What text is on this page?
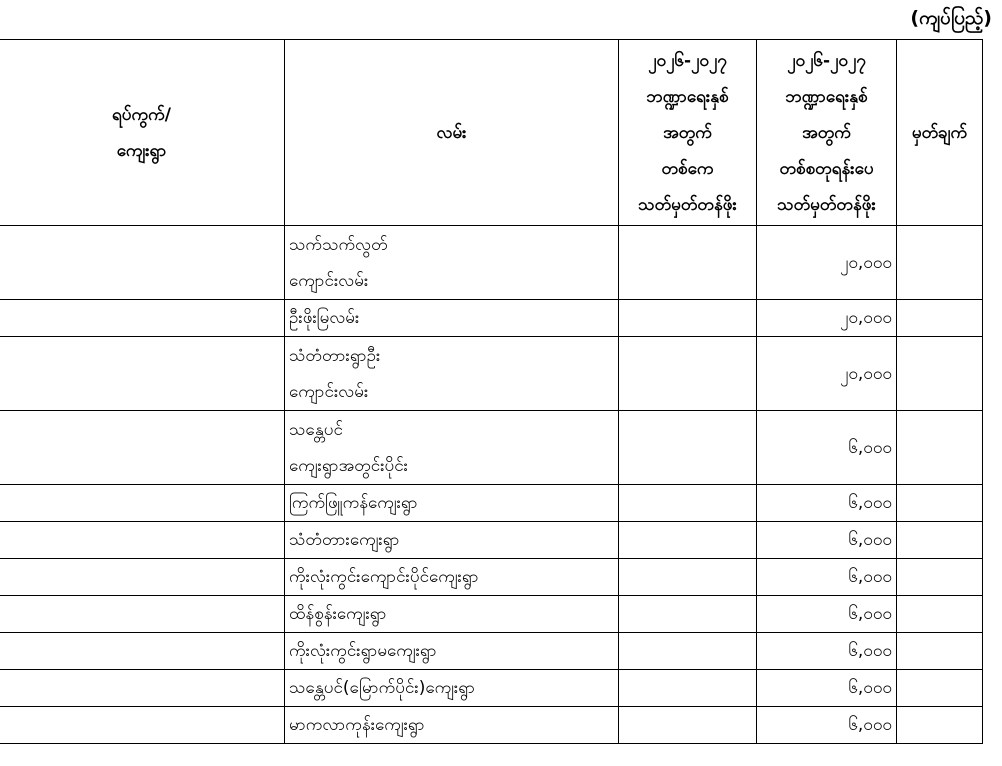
(ကျပ်ပြည့်)
ရပ်ကွက်/
ကျေးရွာ	လမ်း	၂၀၂၆-၂၀၂၇
ဘဏ္ဍာရေးနှစ်
အတွက်
တစ်ကေ
သတ်မှတ်တန်ဖိုး	၂၀၂၆-၂၀၂၇
ဘဏ္ဍာရေးနှစ်
အတွက်
တစ်စတုရန်းပေ
သတ်မှတ်တန်ဖိုး	မှတ်ချက်
	သက်သက်လွတ်
ကျောင်းလမ်း		၂၀,၀၀၀	
	ဦးဖိုးမြလမ်း		၂၀,၀၀၀	
	သံတံတားရွာဦး
ကျောင်းလမ်း		၂၀,၀၀၀	
	သန္တေပင်
ကျေးရွာအတွင်းပိုင်း		၆,၀၀၀	
	ကြက်ဖြူကန်ကျေးရွာ		၆,၀၀၀	
	သံတံတားကျေးရွာ		၆,၀၀၀	
	ကိုးလုံးကွင်းကျောင်းပိုင်ကျေးရွာ		၆,၀၀၀	
	ထိန်စွန်းကျေးရွာ		၆,၀၀၀	
	ကိုးလုံးကွင်းရွာမကျေးရွာ		၆,၀၀၀	
	သန္တေပင်(မြောက်ပိုင်း)ကျေးရွာ		၆,၀၀၀	
	မာကလာကုန်းကျေးရွာ		၆,၀၀၀	
